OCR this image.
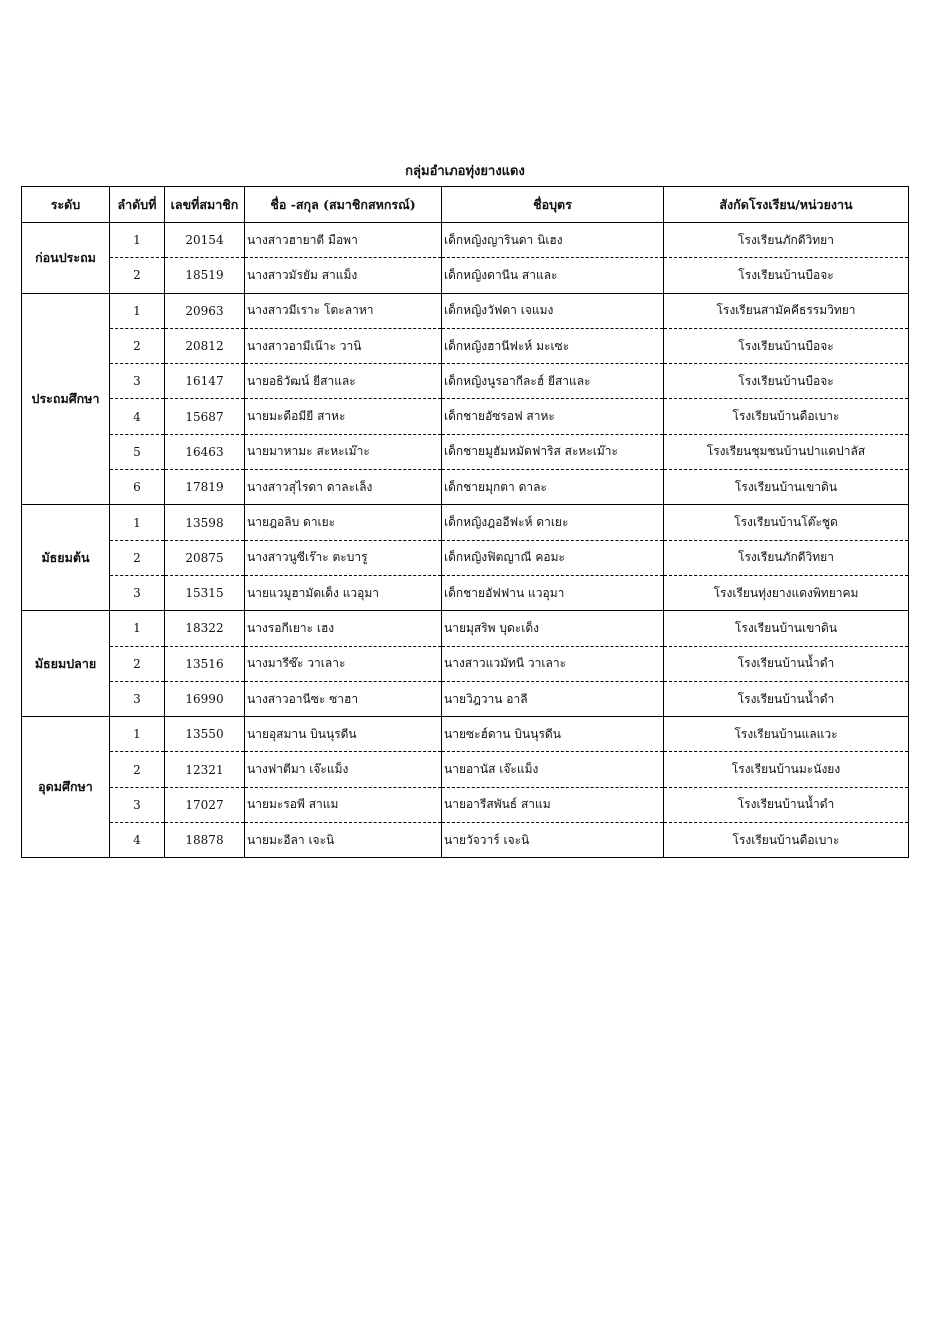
กลุ่มอำเภอทุ่งยางแดง
ระดับ	ลำดับที่	เลขที่สมาชิก	ชื่อ -สกุล (สมาชิกสหกรณ์)	ชื่อบุตร	สังกัดโรงเรียน/หน่วยงาน
ก่อนประถม	1	20154	นางสาวฮายาตี มือพา	เด็กหญิงญารินดา นิเฮง	โรงเรียนภักดีวิทยา
	2	18519	นางสาวมัรยัม สาแม็ง	เด็กหญิงดานีน สาและ	โรงเรียนบ้านบือจะ
ประถมศึกษา	1	20963	นางสาวมีเราะ โตะลาหา	เด็กหญิงวัฟดา เจแมง	โรงเรียนสามัคคีธรรมวิทยา
	2	20812	นางสาวอามีเน๊าะ วานิ	เด็กหญิงฮานีฟะห์ มะเซะ	โรงเรียนบ้านบือจะ
	3	16147	นายอธิวัฒน์ ยีสาและ	เด็กหญิงนูรอากีละฮ์ ยีสาและ	โรงเรียนบ้านบือจะ
	4	15687	นายมะดือมียี สาหะ	เด็กชายอัซรอฟ สาหะ	โรงเรียนบ้านดือเบาะ
	5	16463	นายมาหามะ สะหะเม๊าะ	เด็กชายมูฮัมหมัดฟาริส สะหะเม๊าะ	โรงเรียนชุมชนบ้านปาแดปาลัส
	6	17819	นางสาวสุไรดา ดาละเล็ง	เด็กชายมุกตา ดาละ	โรงเรียนบ้านเขาดิน
มัธยมต้น	1	13598	นายฎอลิบ ดาเยะ	เด็กหญิงฎออีฟะห์ ดาเยะ	โรงเรียนบ้านโต๊ะชูด
	2	20875	นางสาวนูซีเร๊าะ ตะบารู	เด็กหญิงฟิตญาณี คอมะ	โรงเรียนภักดีวิทยา
	3	15315	นายแวมูฮามัดเด็ง แวอุมา	เด็กชายอัฟฟาน แวอุมา	โรงเรียนทุ่งยางแดงพิทยาคม
มัธยมปลาย	1	18322	นางรอกีเยาะ เฮง	นายมุสริพ บุดะเด็ง	โรงเรียนบ้านเขาดิน
	2	13516	นางมารีซ๊ะ วาเลาะ	นางสาวแวมัทนี วาเลาะ	โรงเรียนบ้านน้ำดำ
	3	16990	นางสาวอานีซะ ซาฮา	นายวิฎวาน อาลี	โรงเรียนบ้านน้ำดำ
อุดมศึกษา	1	13550	นายอุสมาน บินนุรดีน	นายซะฮ์ดาน บินนุรดีน	โรงเรียนบ้านแลแวะ
	2	12321	นางฟาตีมา เจ๊ะแม็ง	นายอานัส เจ๊ะแม็ง	โรงเรียนบ้านมะนังยง
	3	17027	นายมะรอพี สาแม	นายอารีสพันธ์ สาแม	โรงเรียนบ้านน้ำดำ
	4	18878	นายมะอีลา เจะนิ	นายวัจวาร์ เจะนิ	โรงเรียนบ้านดือเบาะ
